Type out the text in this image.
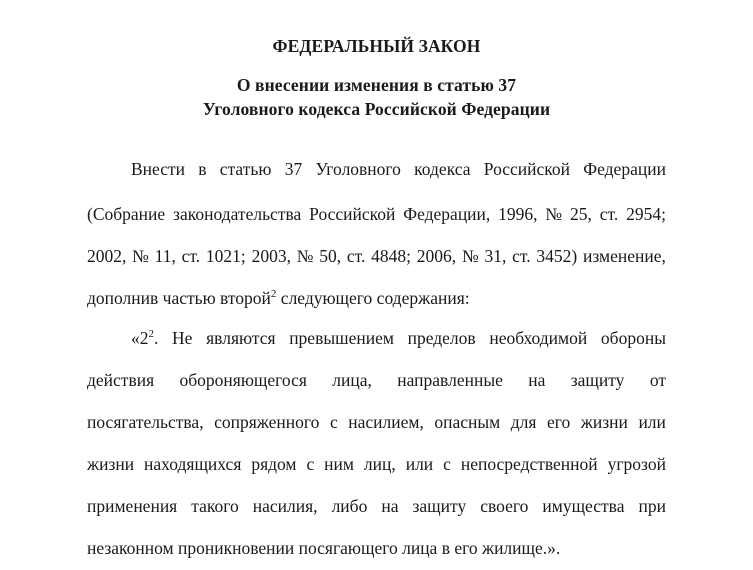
ФЕДЕРАЛЬНЫЙ ЗАКОН
О внесении изменения в статью 37
Уголовного кодекса Российской Федерации
Внести в статью 37 Уголовного кодекса Российской Федерации
(Собрание законодательства Российской Федерации, 1996, № 25, ст. 2954;
2002, № 11, ст. 1021; 2003, № 50, ст. 4848; 2006, № 31, ст. 3452) изменение,
дополнив частью второй$^2$ следующего содержания:
«$2^2$. Не являются превышением пределов необходимой обороны
действия обороняющегося лица, направленные на защиту от
посягательства, сопряженного с насилием, опасным для его жизни или
жизни находящихся рядом с ним лиц, или с непосредственной угрозой
применения такого насилия, либо на защиту своего имущества при
незаконном проникновении посягающего лица в его жилище.».
